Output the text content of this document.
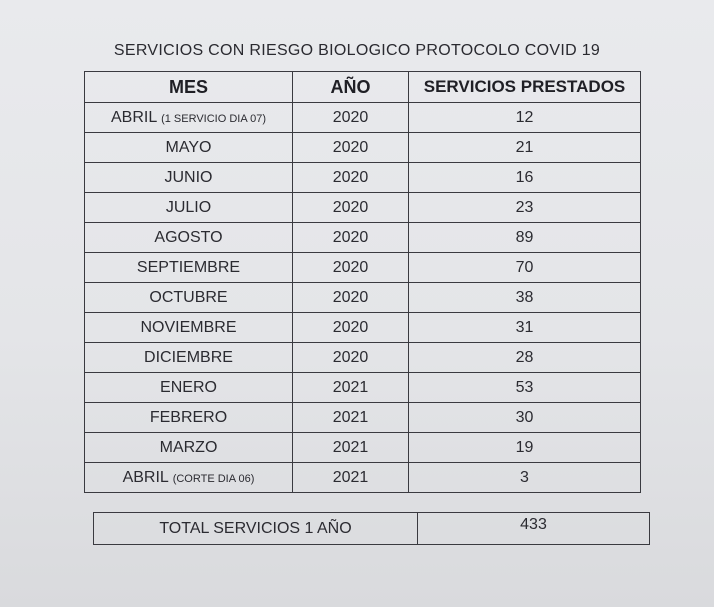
SERVICIOS CON RIESGO BIOLOGICO PROTOCOLO COVID 19
MES	AÑO	SERVICIOS PRESTADOS
ABRIL (1 SERVICIO DIA 07)	2020	12
MAYO	2020	21
JUNIO	2020	16
JULIO	2020	23
AGOSTO	2020	89
SEPTIEMBRE	2020	70
OCTUBRE	2020	38
NOVIEMBRE	2020	31
DICIEMBRE	2020	28
ENERO	2021	53
FEBRERO	2021	30
MARZO	2021	19
ABRIL (CORTE DIA 06)	2021	3
TOTAL SERVICIOS 1 AÑO	433
